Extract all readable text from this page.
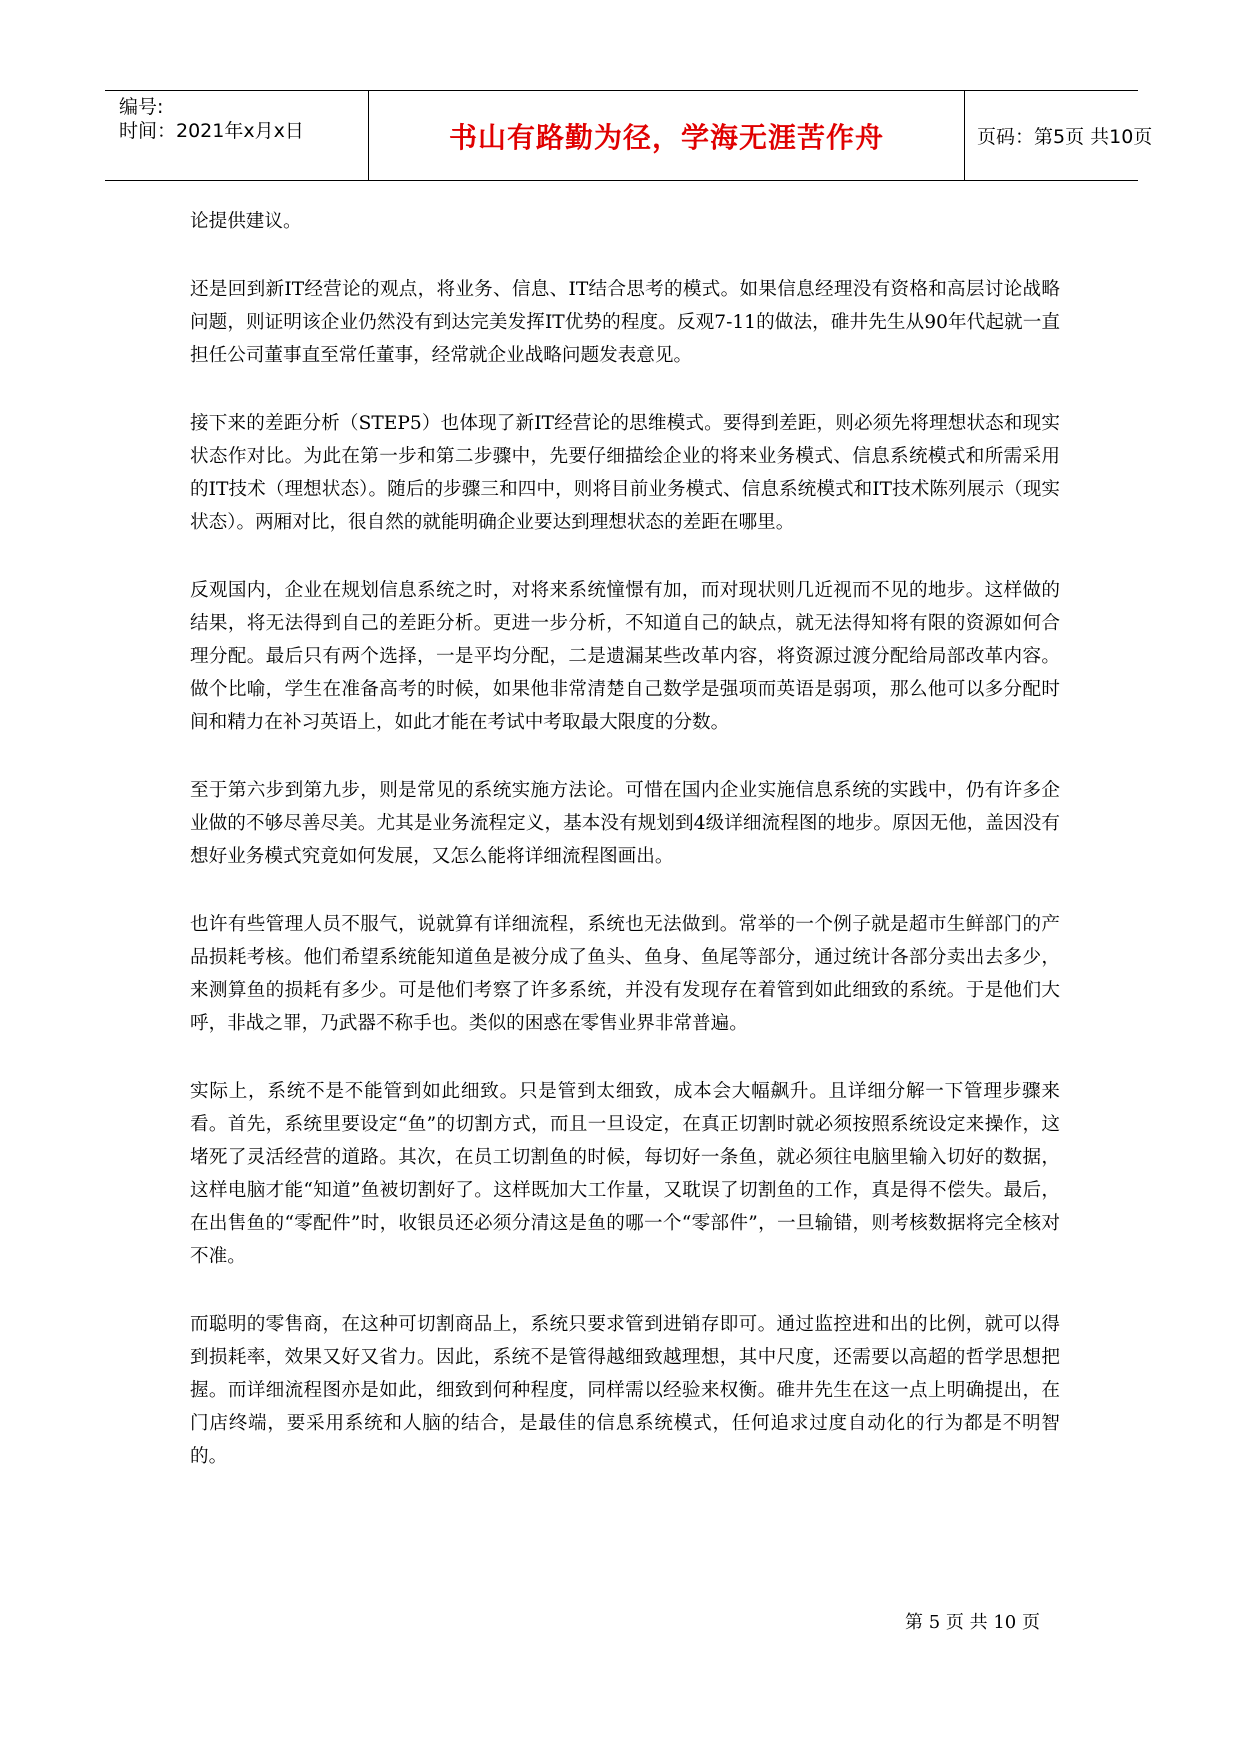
编号:
时间：2021年x月x日	书山有路勤为径，学海无涯苦作舟	页码：第5页 共10页

论提供建议。

还是回到新IT经营论的观点，将业务、信息、IT结合思考的模式。如果信息经理没有资格和高层讨论战略问题，则证明该企业仍然没有到达完美发挥IT优势的程度。反观7-11的做法，碓井先生从90年代起就一直担任公司董事直至常任董事，经常就企业战略问题发表意见。

接下来的差距分析（STEP5）也体现了新IT经营论的思维模式。要得到差距，则必须先将理想状态和现实状态作对比。为此在第一步和第二步骤中，先要仔细描绘企业的将来业务模式、信息系统模式和所需采用的IT技术（理想状态）。随后的步骤三和四中，则将目前业务模式、信息系统模式和IT技术陈列展示（现实状态）。两厢对比，很自然的就能明确企业要达到理想状态的差距在哪里。

反观国内，企业在规划信息系统之时，对将来系统憧憬有加，而对现状则几近视而不见的地步。这样做的结果，将无法得到自己的差距分析。更进一步分析，不知道自己的缺点，就无法得知将有限的资源如何合理分配。最后只有两个选择，一是平均分配，二是遗漏某些改革内容，将资源过渡分配给局部改革内容。做个比喻，学生在准备高考的时候，如果他非常清楚自己数学是强项而英语是弱项，那么他可以多分配时间和精力在补习英语上，如此才能在考试中考取最大限度的分数。

至于第六步到第九步，则是常见的系统实施方法论。可惜在国内企业实施信息系统的实践中，仍有许多企业做的不够尽善尽美。尤其是业务流程定义，基本没有规划到4级详细流程图的地步。原因无他，盖因没有想好业务模式究竟如何发展，又怎么能将详细流程图画出。

也许有些管理人员不服气，说就算有详细流程，系统也无法做到。常举的一个例子就是超市生鲜部门的产品损耗考核。他们希望系统能知道鱼是被分成了鱼头、鱼身、鱼尾等部分，通过统计各部分卖出去多少，来测算鱼的损耗有多少。可是他们考察了许多系统，并没有发现存在着管到如此细致的系统。于是他们大呼，非战之罪，乃武器不称手也。类似的困惑在零售业界非常普遍。

实际上，系统不是不能管到如此细致。只是管到太细致，成本会大幅飙升。且详细分解一下管理步骤来看。首先，系统里要设定“鱼”的切割方式，而且一旦设定，在真正切割时就必须按照系统设定来操作，这堵死了灵活经营的道路。其次，在员工切割鱼的时候，每切好一条鱼，就必须往电脑里输入切好的数据，这样电脑才能“知道”鱼被切割好了。这样既加大工作量，又耽误了切割鱼的工作，真是得不偿失。最后，在出售鱼的“零配件”时，收银员还必须分清这是鱼的哪一个“零部件”，一旦输错，则考核数据将完全核对不准。

而聪明的零售商，在这种可切割商品上，系统只要求管到进销存即可。通过监控进和出的比例，就可以得到损耗率，效果又好又省力。因此，系统不是管得越细致越理想，其中尺度，还需要以高超的哲学思想把握。而详细流程图亦是如此，细致到何种程度，同样需以经验来权衡。碓井先生在这一点上明确提出，在门店终端，要采用系统和人脑的结合，是最佳的信息系统模式，任何追求过度自动化的行为都是不明智的。

第 5 页 共 10 页
